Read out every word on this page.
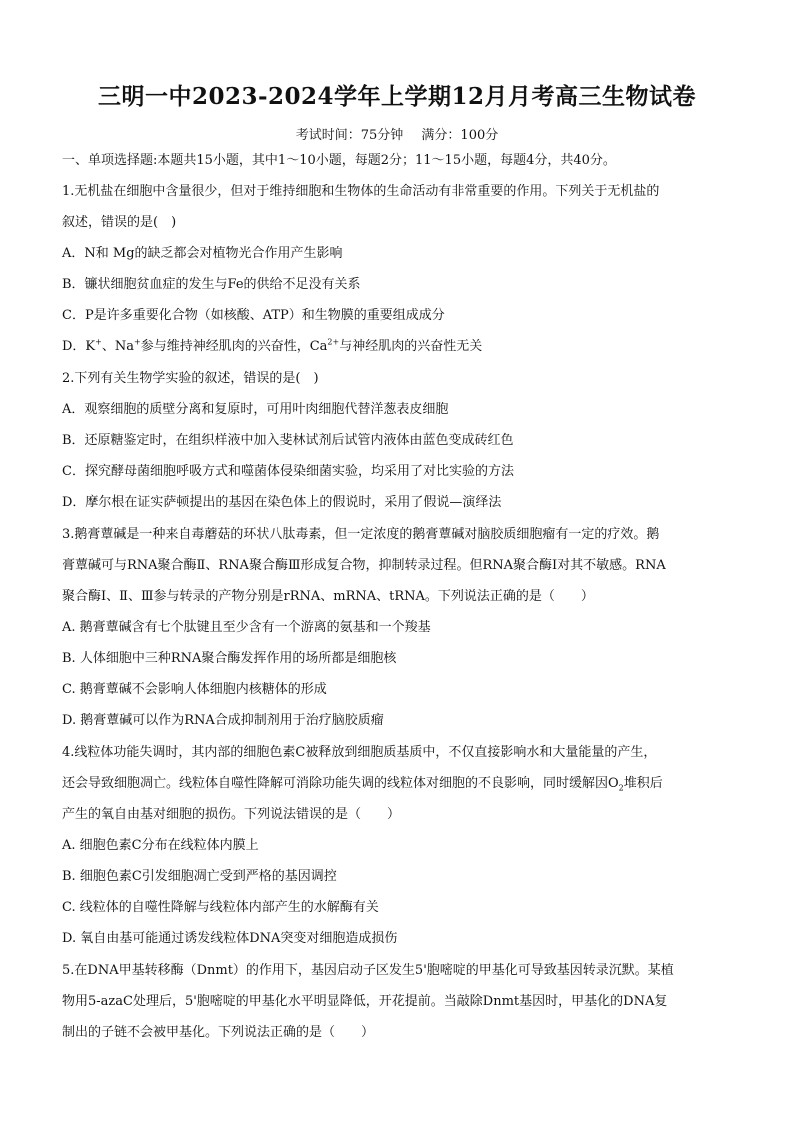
三明一中2023-2024学年上学期12月月考高三生物试卷
考试时间：75分钟 满分：100分
一、单项选择题:本题共15小题，其中1～10小题，每题2分；11～15小题，每题4分，共40分。
1.无机盐在细胞中含量很少，但对于维持细胞和生物体的生命活动有非常重要的作用。下列关于无机盐的
叙述，错误的是(　)
A．N和 Mg的缺乏都会对植物光合作用产生影响
B．镰状细胞贫血症的发生与Fe的供给不足没有关系
C．P是许多重要化合物（如核酸、ATP）和生物膜的重要组成成分
D．K+、Na+参与维持神经肌肉的兴奋性，$Ca^{2+}$与神经肌肉的兴奋性无关
2.下列有关生物学实验的叙述，错误的是(　)
A．观察细胞的质壁分离和复原时，可用叶肉细胞代替洋葱表皮细胞
B．还原糖鉴定时，在组织样液中加入斐林试剂后试管内液体由蓝色变成砖红色
C．探究酵母菌细胞呼吸方式和噬菌体侵染细菌实验，均采用了对比实验的方法
D．摩尔根在证实萨顿提出的基因在染色体上的假说时，采用了假说—演绎法
3.鹅膏蕈碱是一种来自毒蘑菇的环状八肽毒素，但一定浓度的鹅膏蕈碱对脑胶质细胞瘤有一定的疗效。鹅
膏蕈碱可与RNA聚合酶Ⅱ、RNA聚合酶Ⅲ形成复合物，抑制转录过程。但RNA聚合酶Ⅰ对其不敏感。RNA
聚合酶Ⅰ、Ⅱ、Ⅲ参与转录的产物分别是rRNA、mRNA、tRNA。下列说法正确的是（　　）
A. 鹅膏蕈碱含有七个肽键且至少含有一个游离的氨基和一个羧基
B. 人体细胞中三种RNA聚合酶发挥作用的场所都是细胞核
C. 鹅膏蕈碱不会影响人体细胞内核糖体的形成
D. 鹅膏蕈碱可以作为RNA合成抑制剂用于治疗脑胶质瘤
4.线粒体功能失调时，其内部的细胞色素C被释放到细胞质基质中，不仅直接影响水和大量能量的产生，
还会导致细胞凋亡。线粒体自噬性降解可消除功能失调的线粒体对细胞的不良影响，同时缓解因$O_2$堆积后
产生的氧自由基对细胞的损伤。下列说法错误的是（　　）
A. 细胞色素C分布在线粒体内膜上
B. 细胞色素C引发细胞凋亡受到严格的基因调控
C. 线粒体的自噬性降解与线粒体内部产生的水解酶有关
D. 氧自由基可能通过诱发线粒体DNA突变对细胞造成损伤
5.在DNA甲基转移酶（Dnmt）的作用下，基因启动子区发生5'胞嘧啶的甲基化可导致基因转录沉默。某植
物用5-azaC处理后，5'胞嘧啶的甲基化水平明显降低，开花提前。当敲除Dnmt基因时，甲基化的DNA复
制出的子链不会被甲基化。下列说法正确的是（　　）
